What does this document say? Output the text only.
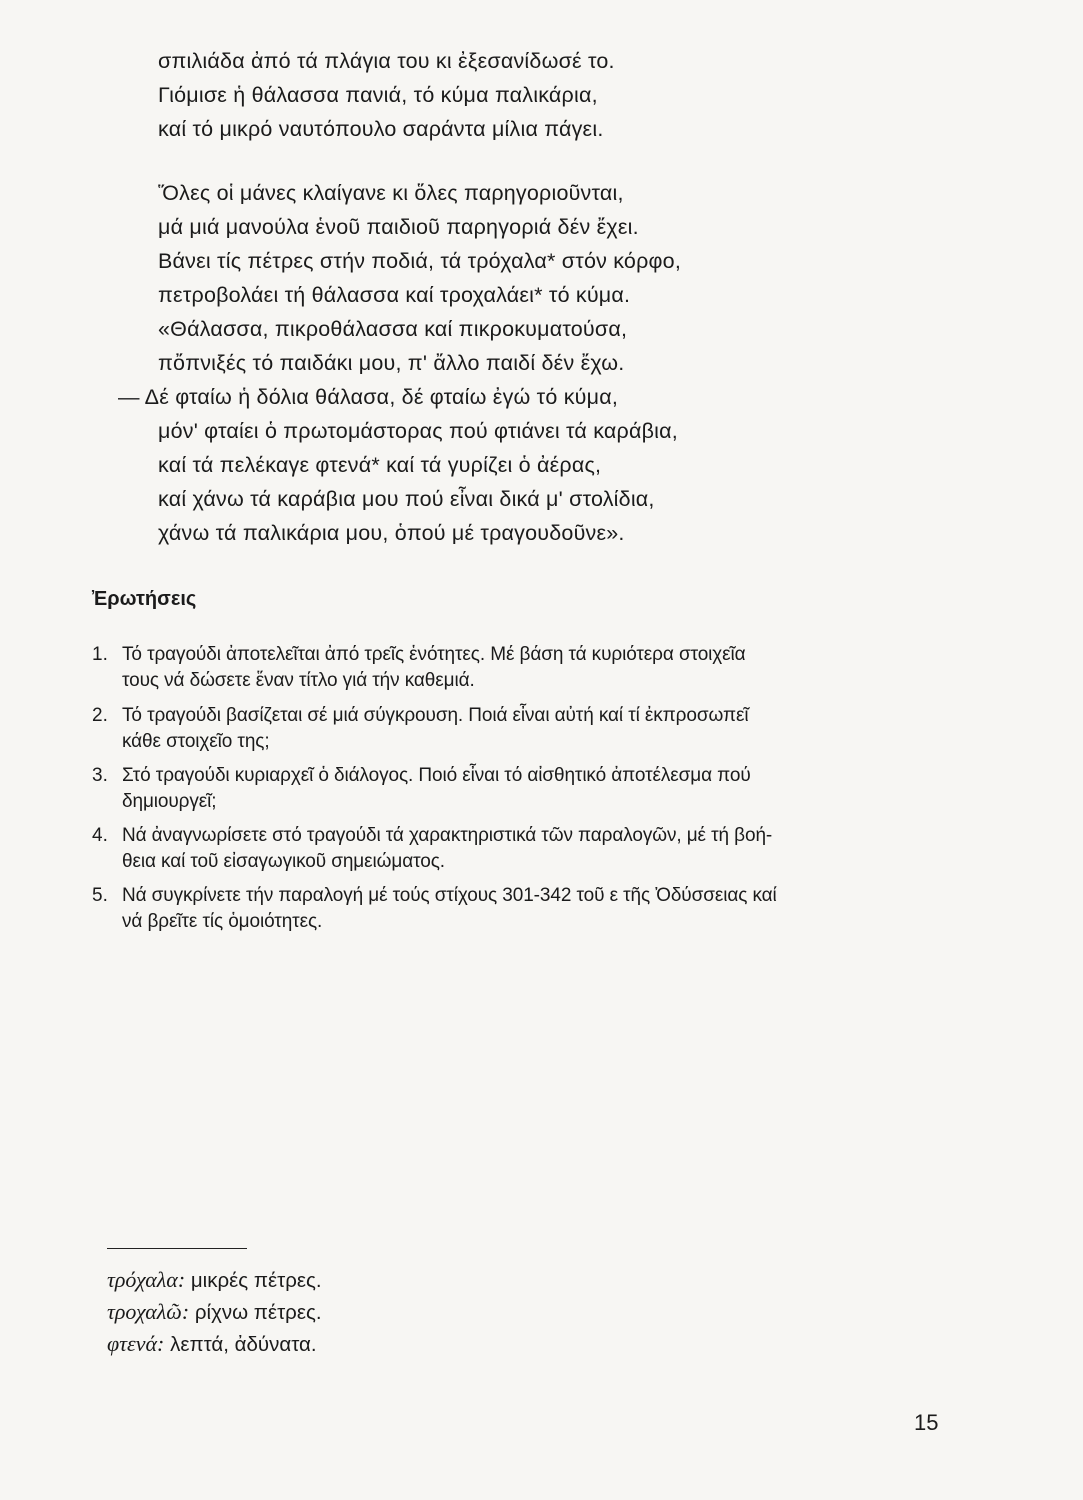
σπιλιάδα ἀπό τά πλάγια του κι ἐξεσανίδωσέ το.
Γιόμισε ἡ θάλασσα πανιά, τό κύμα παλικάρια,
καί τό μικρό ναυτόπουλο σαράντα μίλια πάγει.
Ὅλες οἱ μάνες κλαίγανε κι ὅλες παρηγοριοῦνται,
μά μιά μανούλα ἑνοῦ παιδιοῦ παρηγοριά δέν ἔχει.
Βάνει τίς πέτρες στήν ποδιά, τά τρόχαλα* στόν κόρφο,
πετροβολάει τή θάλασσα καί τροχαλάει* τό κύμα.
«Θάλασσα, πικροθάλασσα καί πικροκυματούσα,
πὄπνιξές τό παιδάκι μου, π' ἄλλο παιδί δέν ἔχω.
— Δέ φταίω ἡ δόλια θάλασα, δέ φταίω ἐγώ τό κύμα,
μόν' φταίει ὁ πρωτομάστορας πού φτιάνει τά καράβια,
καί τά πελέκαγε φτενά* καί τά γυρίζει ὁ ἀέρας,
καί χάνω τά καράβια μου πού εἶναι δικά μ' στολίδια,
χάνω τά παλικάρια μου, ὁπού μέ τραγουδοῦνε».
Ἐρωτήσεις
1. Τό τραγούδι ἀποτελεῖται ἀπό τρεῖς ἑνότητες. Μέ βάση τά κυριότερα στοιχεῖα
τους νά δώσετε ἕναν τίτλο γιά τήν καθεμιά.
2. Τό τραγούδι βασίζεται σέ μιά σύγκρουση. Ποιά εἶναι αὐτή καί τί ἐκπροσωπεῖ
κάθε στοιχεῖο της;
3. Στό τραγούδι κυριαρχεῖ ὁ διάλογος. Ποιό εἶναι τό αἰσθητικό ἀποτέλεσμα πού
δημιουργεῖ;
4. Νά ἀναγνωρίσετε στό τραγούδι τά χαρακτηριστικά τῶν παραλογῶν, μέ τή βοή-
θεια καί τοῦ εἰσαγωγικοῦ σημειώματος.
5. Νά συγκρίνετε τήν παραλογή μέ τούς στίχους 301-342 τοῦ ε τῆς Ὀδύσσειας καί
νά βρεῖτε τίς ὁμοιότητες.
τρόχαλα: μικρές πέτρες.
τροχαλῶ: ρίχνω πέτρες.
φτενά: λεπτά, ἀδύνατα.
15
